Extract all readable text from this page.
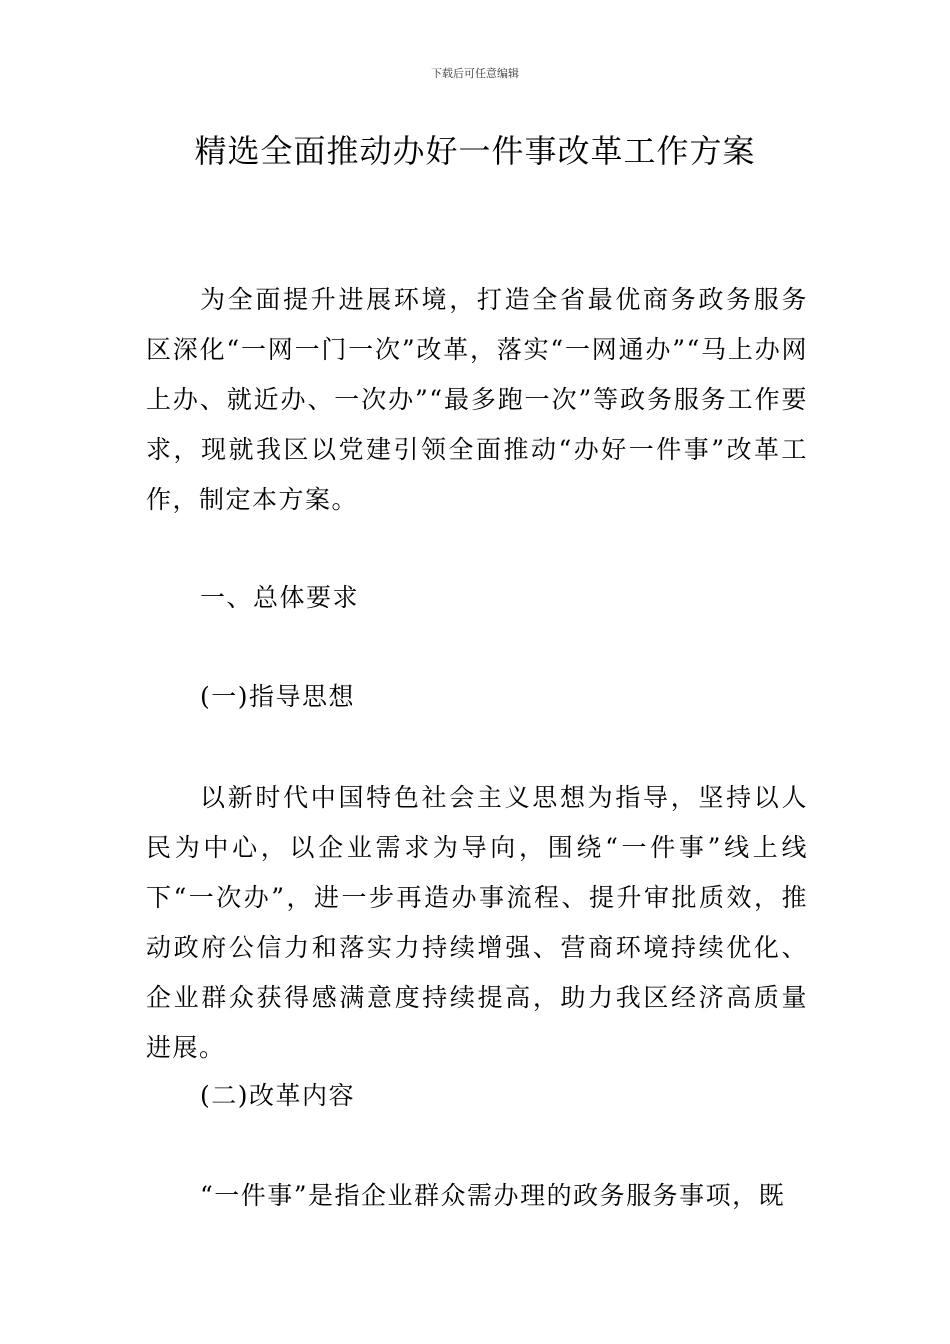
下载后可任意编辑
精选全面推动办好一件事改革工作方案

为全面提升进展环境，打造全省最优商务政务服务区深化“一网一门一次”改革，落实“一网通办”“马上办网上办、就近办、一次办”“最多跑一次”等政务服务工作要求，现就我区以党建引领全面推动“办好一件事”改革工作，制定本方案。

一、总体要求

(一)指导思想

以新时代中国特色社会主义思想为指导，坚持以人民为中心，以企业需求为导向，围绕“一件事”线上线下“一次办”，进一步再造办事流程、提升审批质效，推动政府公信力和落实力持续增强、营商环境持续优化、企业群众获得感满意度持续提高，助力我区经济高质量进展。

(二)改革内容

“一件事”是指企业群众需办理的政务服务事项，既
